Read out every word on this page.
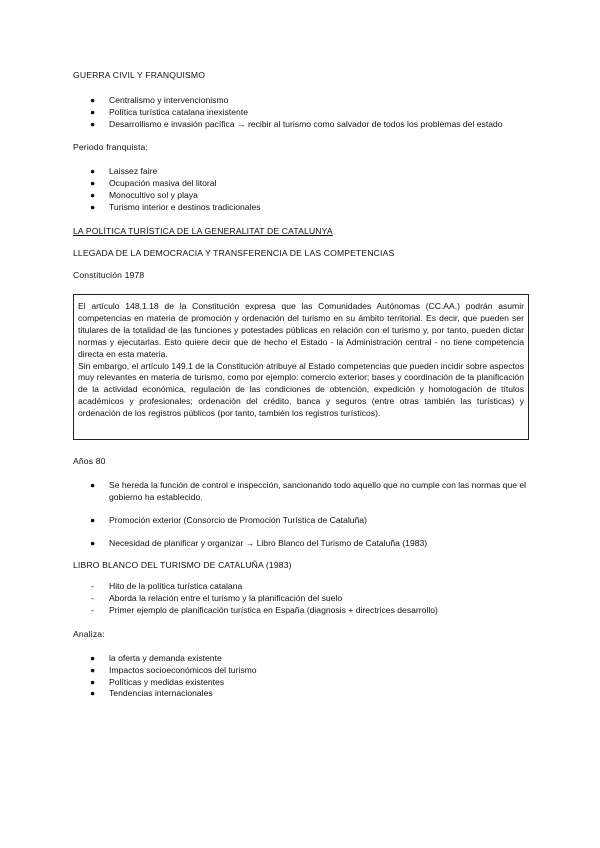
GUERRA CIVIL Y FRANQUISMO

● Centralismo y intervencionismo
● Política turística catalana inexistente
● Desarrollismo e invasión pacífica → recibir al turismo como salvador de todos los problemas del estado

Periodo franquista:

● Laissez faire
● Ocupación masiva del litoral
● Monocultivo sol y playa
● Turismo interior e destinos tradicionales

LA POLÍTICA TURÍSTICA DE LA GENERALITAT DE CATALUNYA

LLEGADA DE LA DEMOCRACIA Y TRANSFERENCIA DE LAS COMPETENCIAS

Constitución 1978

El artículo 148.1.18 de la Constitución expresa que las Comunidades Autónomas (CC.AA.) podrán asumir competencias en materia de promoción y ordenación del turismo en su ámbito territorial. Es decir, que pueden ser titulares de la totalidad de las funciones y potestades públicas en relación con el turismo y, por tanto, pueden dictar normas y ejecutarlas. Esto quiere decir que de hecho el Estado - la Administración central - no tiene competencia directa en esta materia.

Sin embargo, el artículo 149.1 de la Constitución atribuye al Estado competencias que pueden incidir sobre aspectos muy relevantes en materia de turismo, como por ejemplo: comercio exterior; bases y coordinación de la planificación de la actividad económica, regulación de las condiciones de obtención, expedición y homologación de títulos académicos y profesionales; ordenación del crédito, banca y seguros (entre otras también las turísticas) y ordenación de los registros públicos (por tanto, también los registros turísticos).

Años 80

● Se hereda la función de control e inspección, sancionando todo aquello que no cumple con las normas que el gobierno ha establecido.
● Promoción exterior (Consorcio de Promoción Turística de Cataluña)
● Necesidad de planificar y organizar → Libro Blanco del Turismo de Cataluña (1983)

LIBRO BLANCO DEL TURISMO DE CATALUÑA (1983)

- Hito de la política turística catalana
- Aborda la relación entre el turismo y la planificación del suelo
- Primer ejemplo de planificación turística en España (diagnosis + directrices desarrollo)

Analiza:

● la oferta y demanda existente
● Impactos socioeconómicos del turismo
● Políticas y medidas existentes
● Tendencias internacionales
